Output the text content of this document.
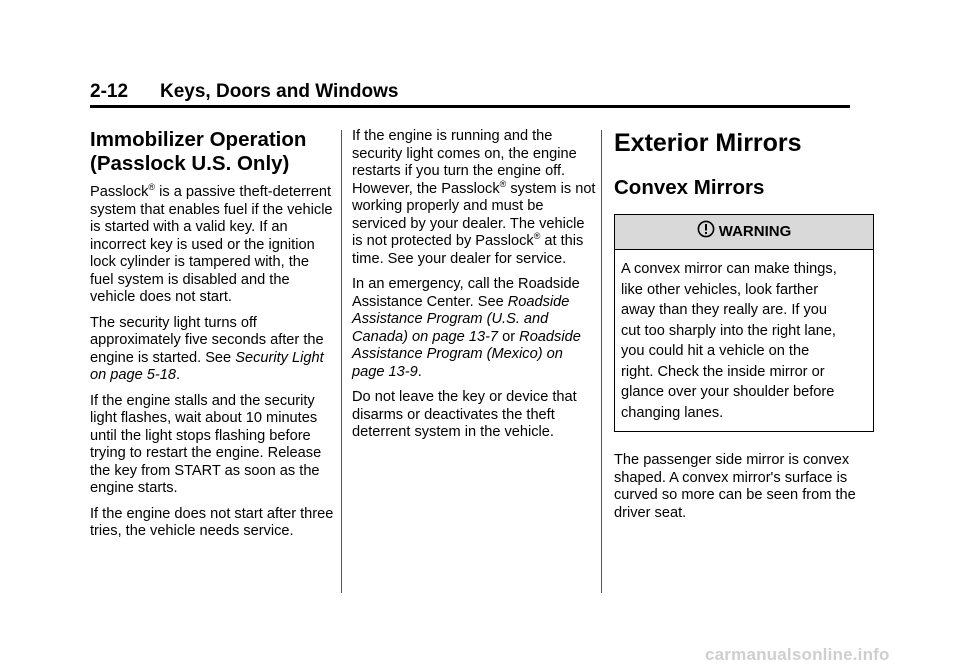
2-12 Keys, Doors and Windows
Immobilizer Operation
(Passlock U.S. Only)

Passlock® is a passive theft-deterrent system that enables fuel if the vehicle is started with a valid key. If an incorrect key is used or the ignition lock cylinder is tampered with, the fuel system is disabled and the vehicle does not start.

The security light turns off approximately five seconds after the engine is started. See Security Light on page 5-18.

If the engine stalls and the security light flashes, wait about 10 minutes until the light stops flashing before trying to restart the engine. Release the key from START as soon as the engine starts.

If the engine does not start after three tries, the vehicle needs service.

If the engine is running and the security light comes on, the engine restarts if you turn the engine off. However, the Passlock® system is not working properly and must be serviced by your dealer. The vehicle is not protected by Passlock® at this time. See your dealer for service.

In an emergency, call the Roadside Assistance Center. See Roadside Assistance Program (U.S. and Canada) on page 13-7 or Roadside Assistance Program (Mexico) on page 13-9.

Do not leave the key or device that disarms or deactivates the theft deterrent system in the vehicle.

Exterior Mirrors
Convex Mirrors
WARNING
A convex mirror can make things,
like other vehicles, look farther
away than they really are. If you
cut too sharply into the right lane,
you could hit a vehicle on the
right. Check the inside mirror or
glance over your shoulder before
changing lanes.

The passenger side mirror is convex shaped. A convex mirror's surface is curved so more can be seen from the driver seat.

carmanualsonline.info
